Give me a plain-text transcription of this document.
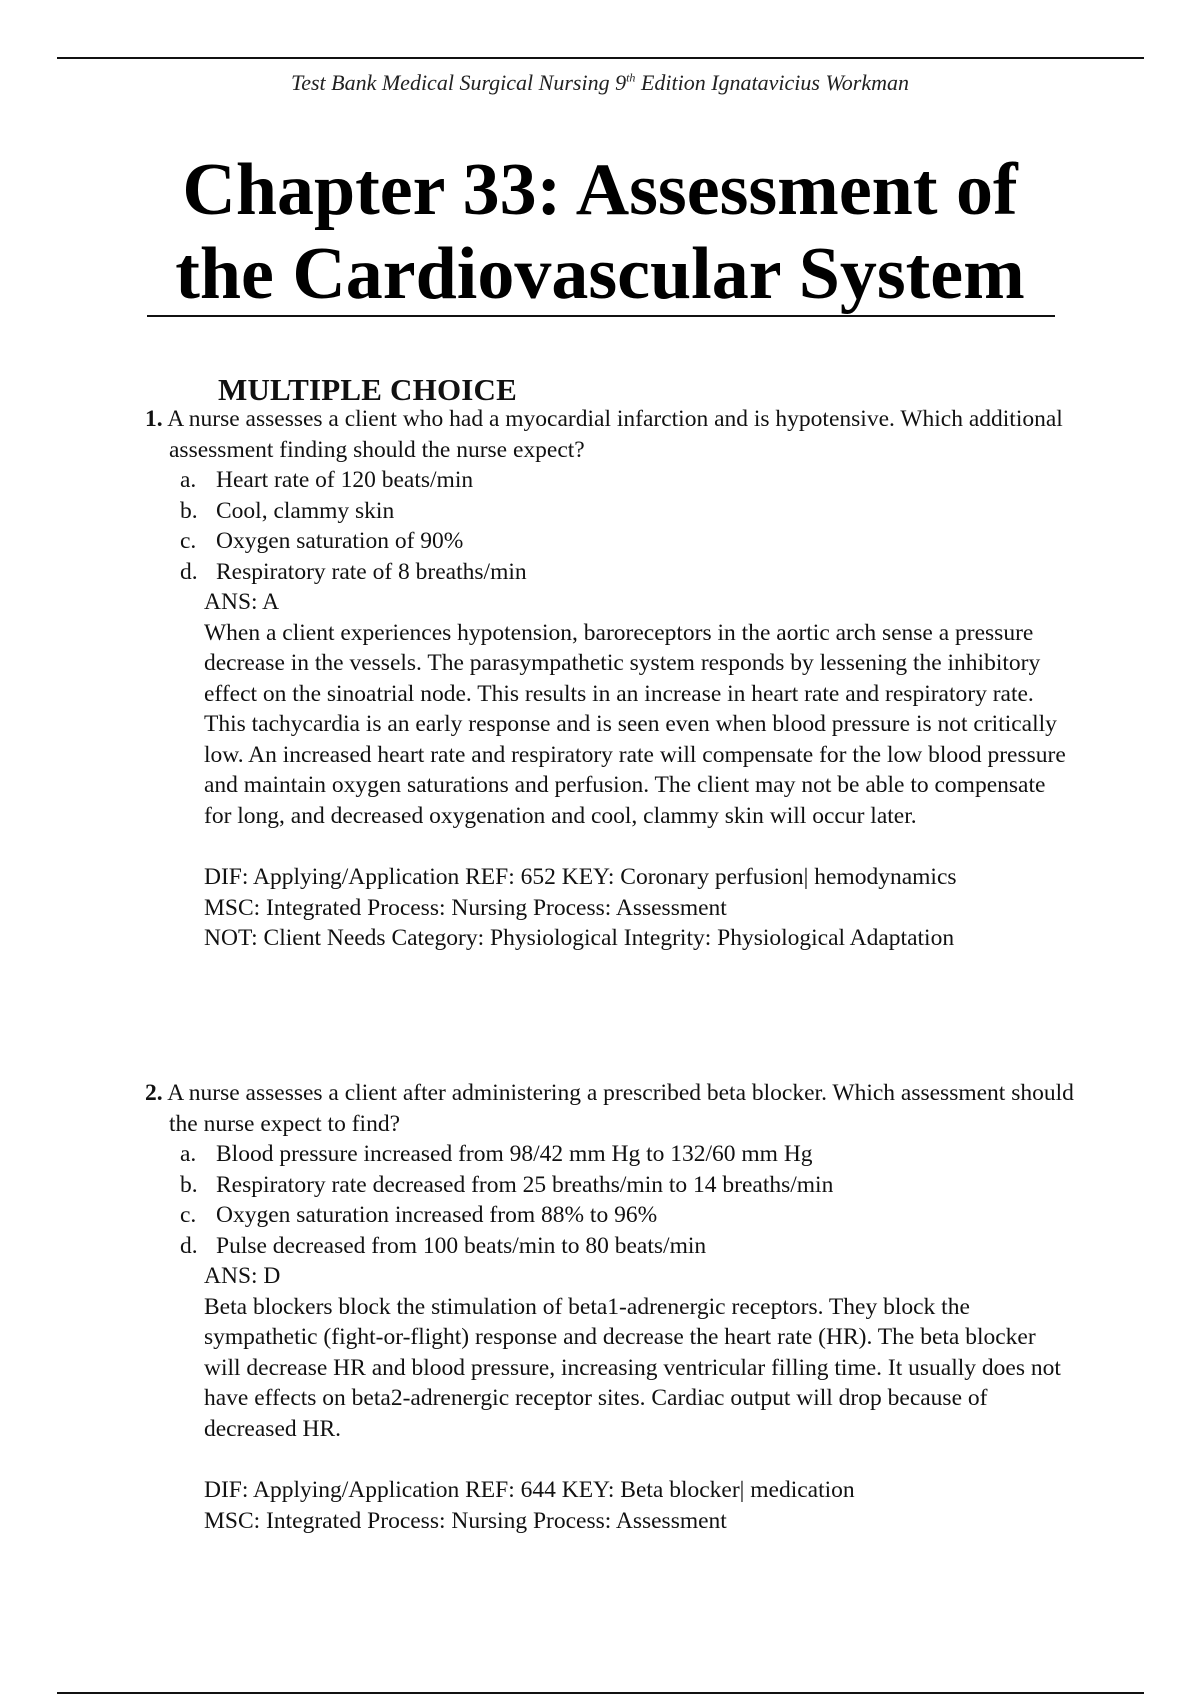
Test Bank Medical Surgical Nursing 9th Edition Ignatavicius Workman
Chapter 33: Assessment of
the Cardiovascular System
MULTIPLE CHOICE
1. A nurse assesses a client who had a myocardial infarction and is hypotensive. Which additional assessment finding should the nurse expect?
a. Heart rate of 120 beats/min
b. Cool, clammy skin
c. Oxygen saturation of 90%
d. Respiratory rate of 8 breaths/min
ANS: A

When a client experiences hypotension, baroreceptors in the aortic arch sense a pressure decrease in the vessels. The parasympathetic system responds by lessening the inhibitory effect on the sinoatrial node. This results in an increase in heart rate and respiratory rate. This tachycardia is an early response and is seen even when blood pressure is not critically low. An increased heart rate and respiratory rate will compensate for the low blood pressure and maintain oxygen saturations and perfusion. The client may not be able to compensate for long, and decreased oxygenation and cool, clammy skin will occur later.

DIF: Applying/Application REF: 652 KEY: Coronary perfusion| hemodynamics
MSC: Integrated Process: Nursing Process: Assessment
NOT: Client Needs Category: Physiological Integrity: Physiological Adaptation
2. A nurse assesses a client after administering a prescribed beta blocker. Which assessment should the nurse expect to find?
a. Blood pressure increased from 98/42 mm Hg to 132/60 mm Hg
b. Respiratory rate decreased from 25 breaths/min to 14 breaths/min
c. Oxygen saturation increased from 88% to 96%
d. Pulse decreased from 100 beats/min to 80 beats/min
ANS: D

Beta blockers block the stimulation of beta1-adrenergic receptors. They block the sympathetic (fight-or-flight) response and decrease the heart rate (HR). The beta blocker will decrease HR and blood pressure, increasing ventricular filling time. It usually does not have effects on beta2-adrenergic receptor sites. Cardiac output will drop because of decreased HR.

DIF: Applying/Application REF: 644 KEY: Beta blocker| medication
MSC: Integrated Process: Nursing Process: Assessment
